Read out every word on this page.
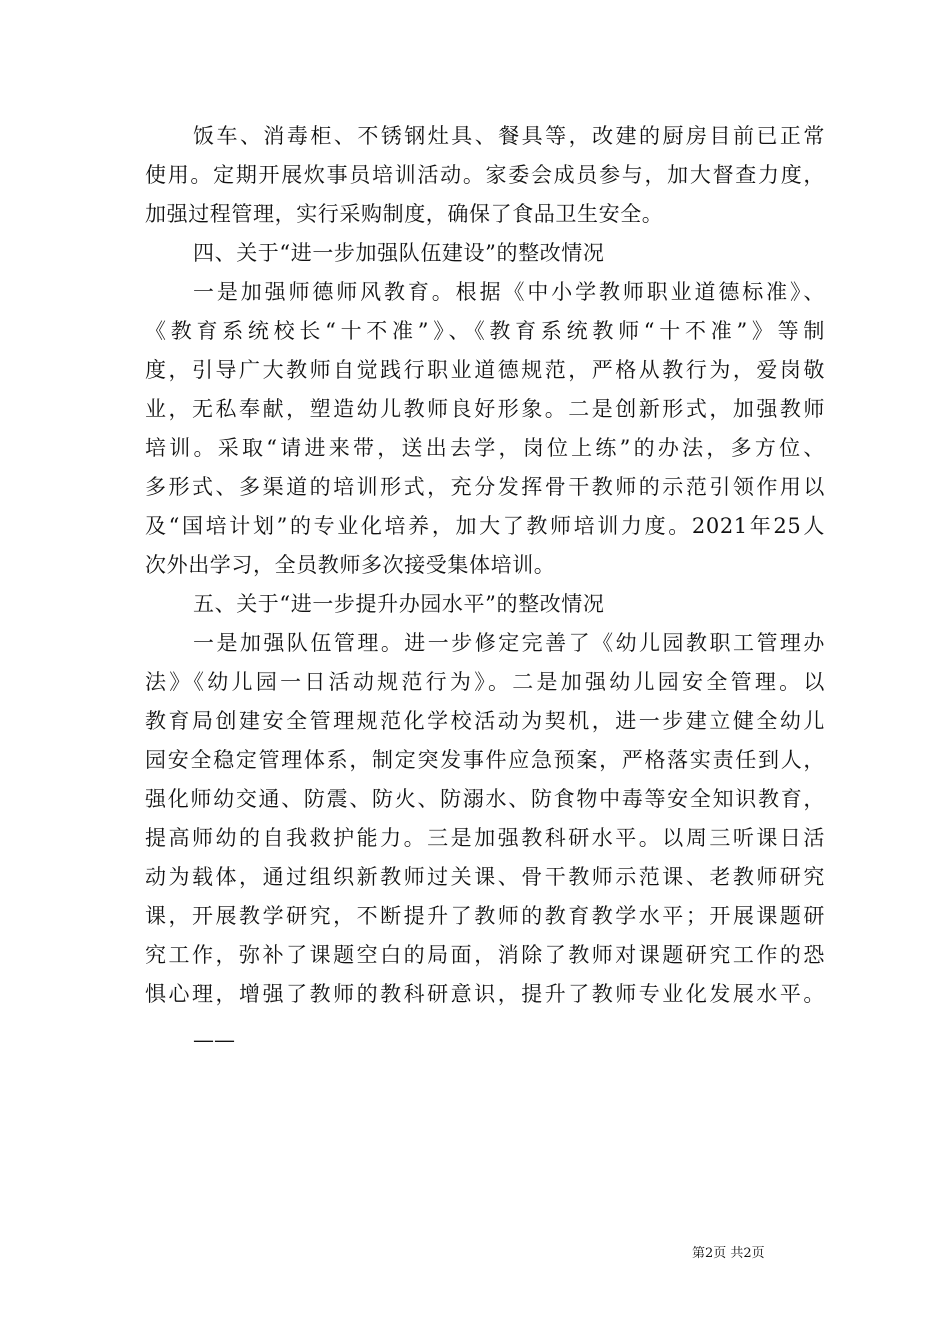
饭车、消毒柜、不锈钢灶具、餐具等，改建的厨房目前已正常
使用。定期开展炊事员培训活动。家委会成员参与，加大督查力度，
加强过程管理，实行采购制度，确保了食品卫生安全。
四、关于“进一步加强队伍建设”的整改情况
一是加强师德师风教育。根据《中小学教师职业道德标准》、
《教育系统校长“十不准”》、《教育系统教师“十不准”》等制
度，引导广大教师自觉践行职业道德规范，严格从教行为，爱岗敬
业，无私奉献，塑造幼儿教师良好形象。二是创新形式，加强教师
培训。采取“请进来带，送出去学，岗位上练”的办法，多方位、
多形式、多渠道的培训形式，充分发挥骨干教师的示范引领作用以
及“国培计划”的专业化培养，加大了教师培训力度。2021年25人
次外出学习，全员教师多次接受集体培训。
五、关于“进一步提升办园水平”的整改情况
一是加强队伍管理。进一步修定完善了《幼儿园教职工管理办
法》《幼儿园一日活动规范行为》。二是加强幼儿园安全管理。以
教育局创建安全管理规范化学校活动为契机，进一步建立健全幼儿
园安全稳定管理体系，制定突发事件应急预案，严格落实责任到人，
强化师幼交通、防震、防火、防溺水、防食物中毒等安全知识教育，
提高师幼的自我救护能力。三是加强教科研水平。以周三听课日活
动为载体，通过组织新教师过关课、骨干教师示范课、老教师研究
课，开展教学研究，不断提升了教师的教育教学水平；开展课题研
究工作，弥补了课题空白的局面，消除了教师对课题研究工作的恐
惧心理，增强了教师的教科研意识，提升了教师专业化发展水平。
——
第2页 共2页
